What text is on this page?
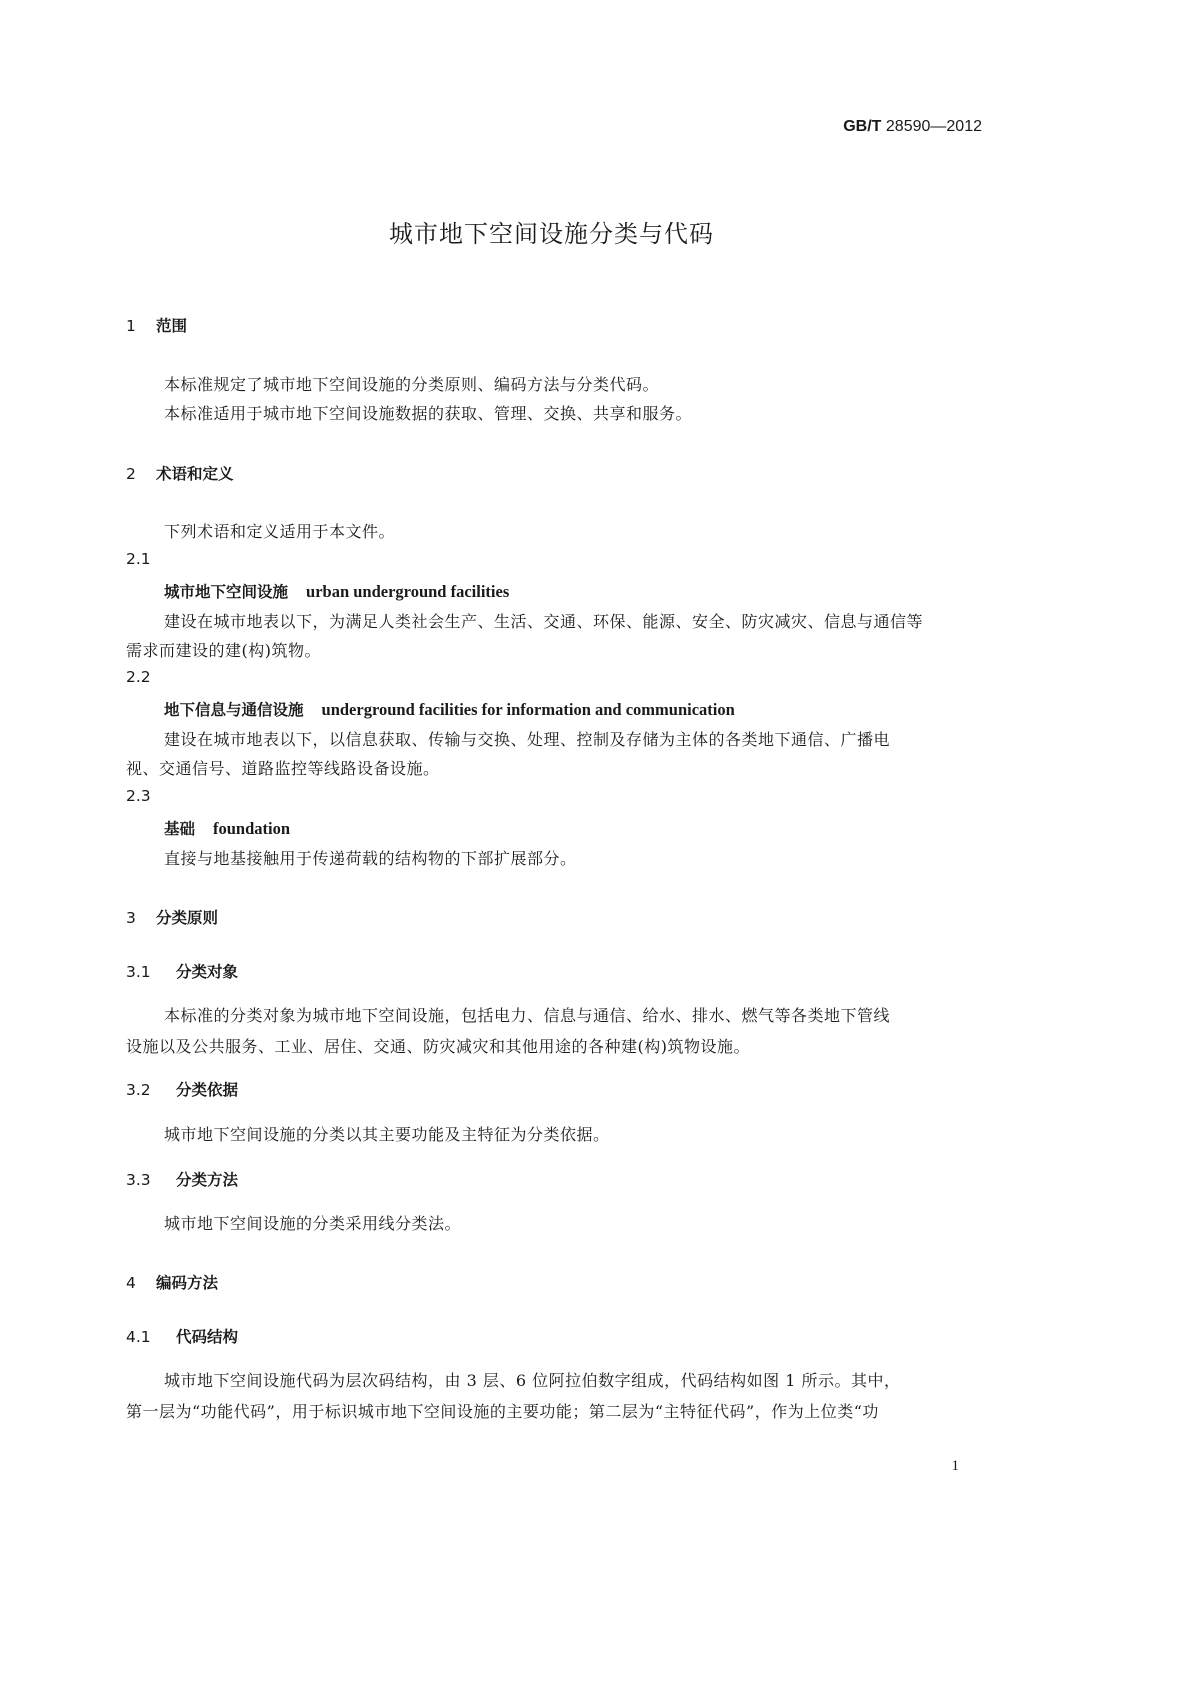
GB/T 28590—2012
城市地下空间设施分类与代码
1 范围
本标准规定了城市地下空间设施的分类原则、编码方法与分类代码。
本标准适用于城市地下空间设施数据的获取、管理、交换、共享和服务。
2 术语和定义
下列术语和定义适用于本文件。
2.1
城市地下空间设施 urban underground facilities
建设在城市地表以下，为满足人类社会生产、生活、交通、环保、能源、安全、防灾减灾、信息与通信等
需求而建设的建(构)筑物。
2.2
地下信息与通信设施 underground facilities for information and communication
建设在城市地表以下，以信息获取、传输与交换、处理、控制及存储为主体的各类地下通信、广播电
视、交通信号、道路监控等线路设备设施。
2.3
基础 foundation
直接与地基接触用于传递荷载的结构物的下部扩展部分。
3 分类原则
3.1 分类对象
本标准的分类对象为城市地下空间设施，包括电力、信息与通信、给水、排水、燃气等各类地下管线
设施以及公共服务、工业、居住、交通、防灾减灾和其他用途的各种建(构)筑物设施。
3.2 分类依据
城市地下空间设施的分类以其主要功能及主特征为分类依据。
3.3 分类方法
城市地下空间设施的分类采用线分类法。
4 编码方法
4.1 代码结构
城市地下空间设施代码为层次码结构，由 3 层、6 位阿拉伯数字组成，代码结构如图 1 所示。其中，
第一层为“功能代码”，用于标识城市地下空间设施的主要功能；第二层为“主特征代码”，作为上位类“功
1
